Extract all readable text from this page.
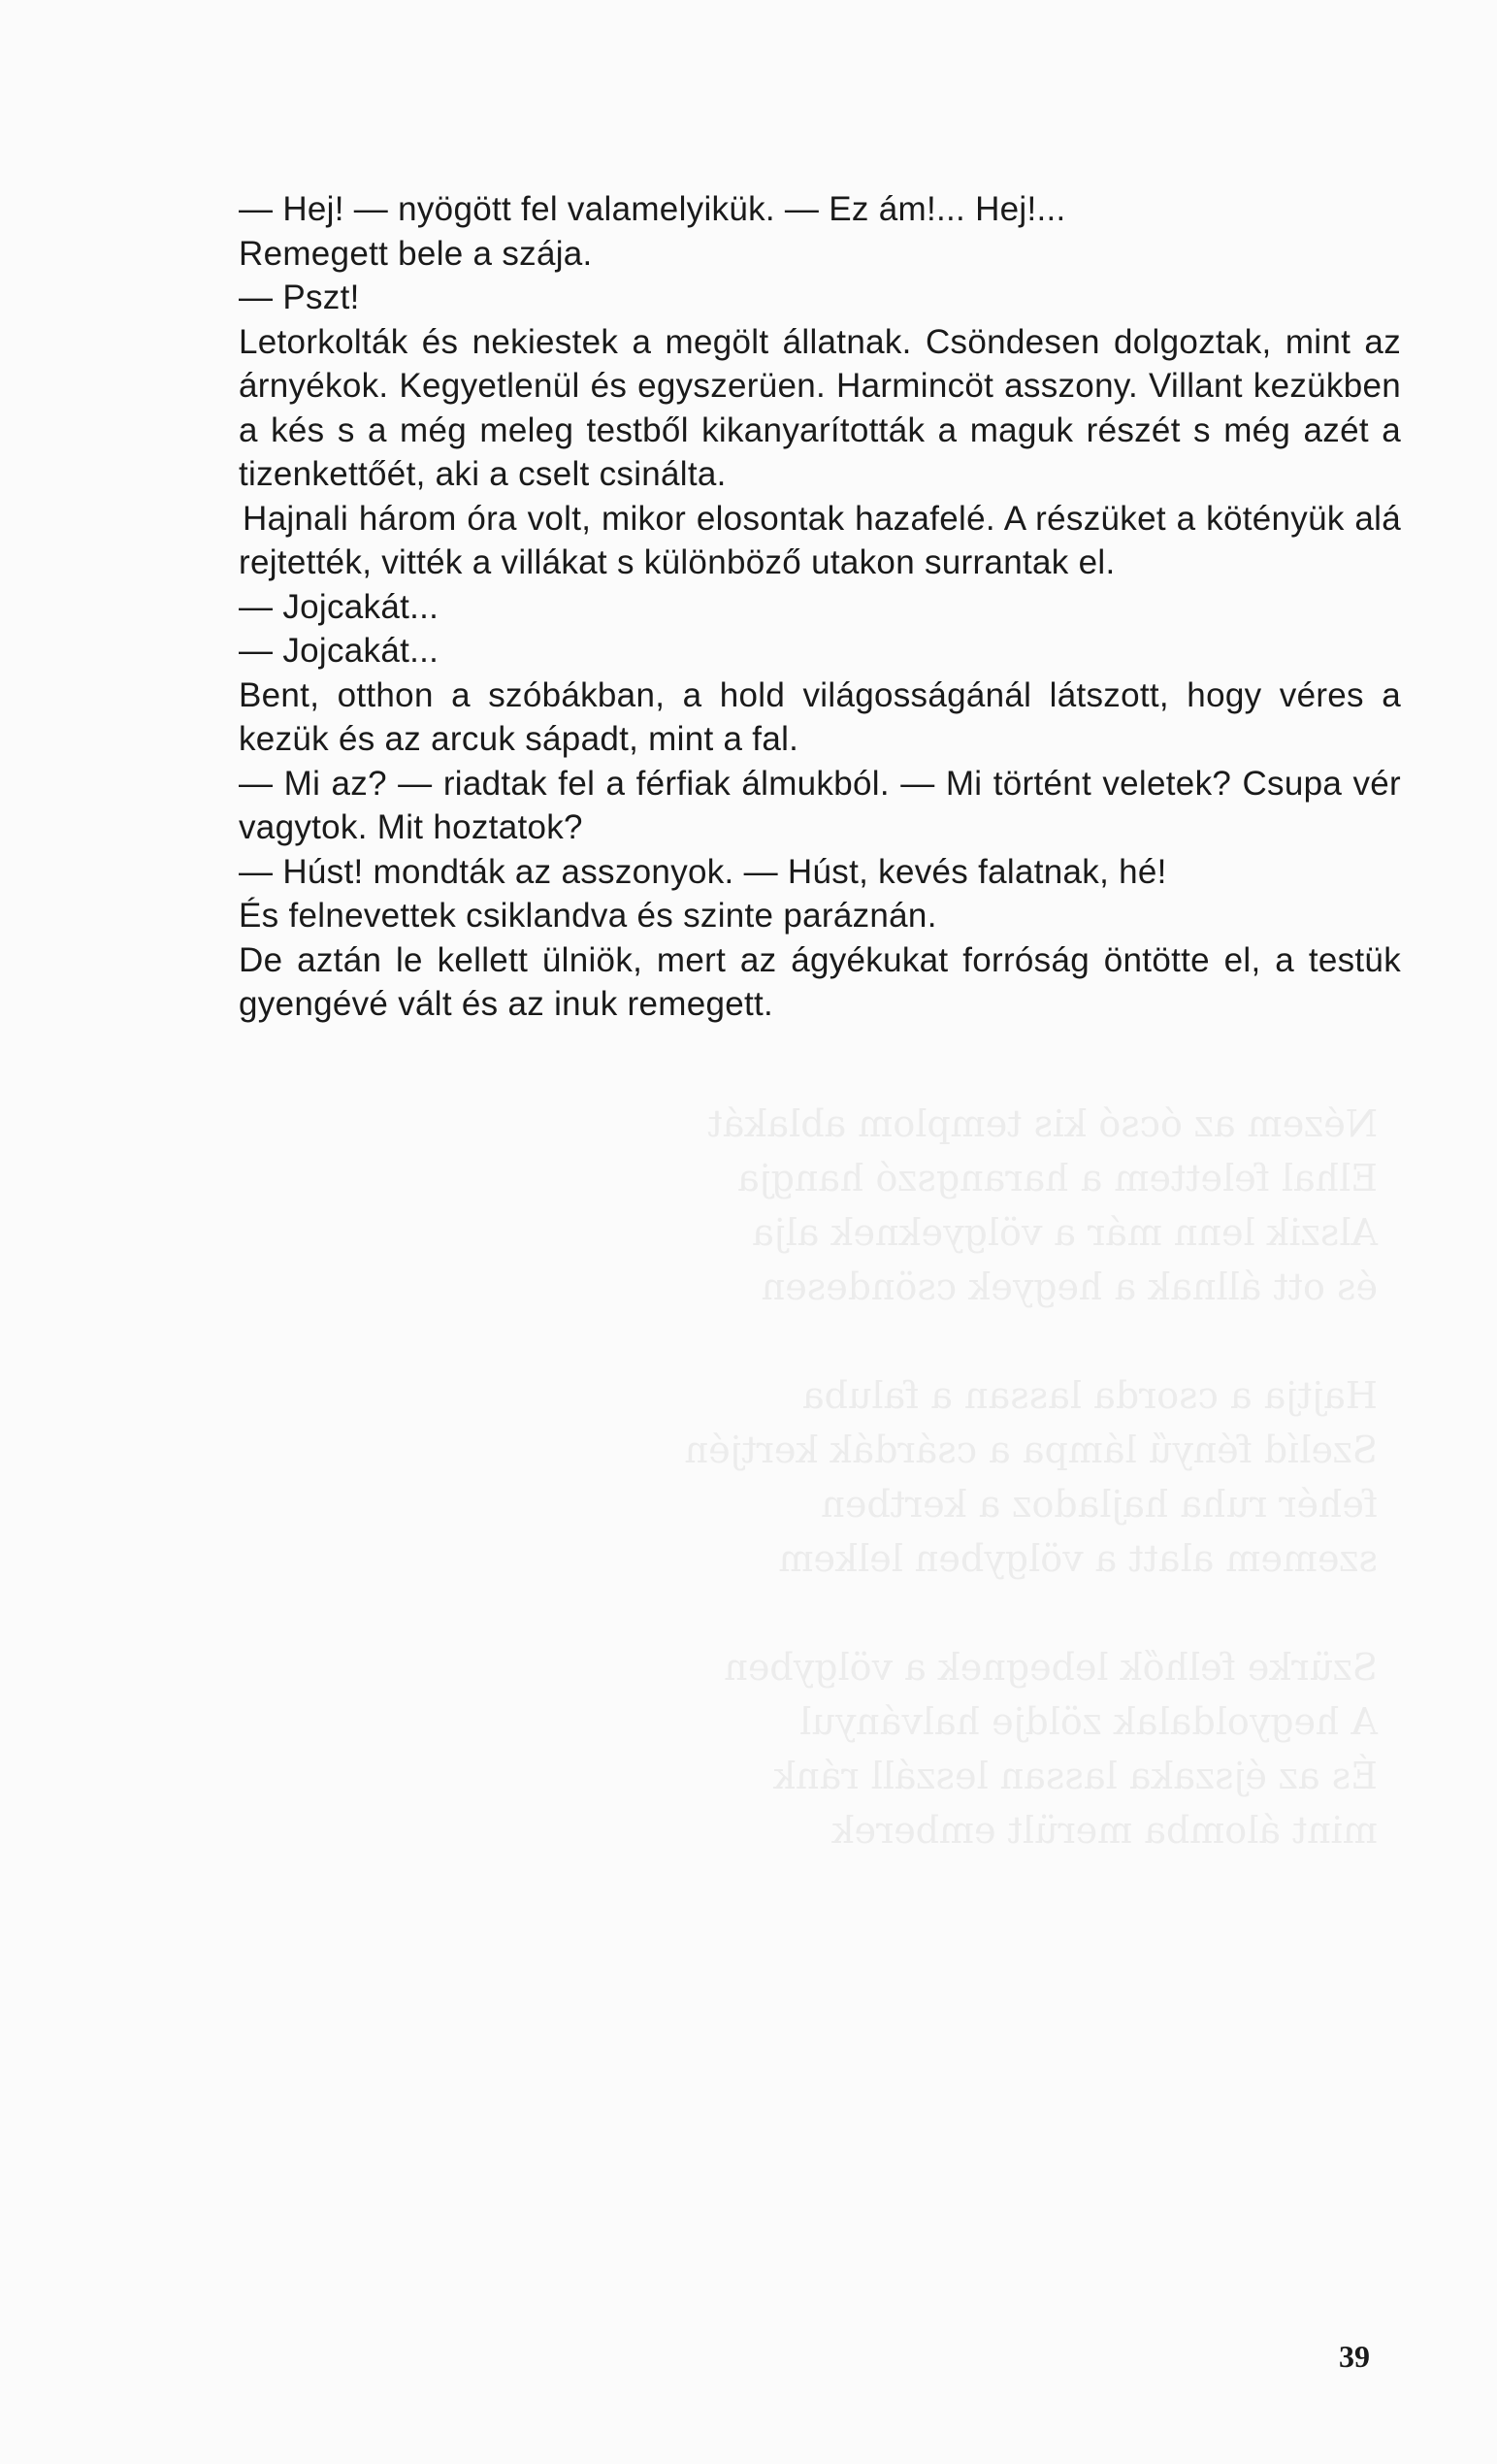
Nézem az ócsó kis templom ablakát
Elhal felettem a harangszó hangja
Alszik lenn már a völgyeknek alja
és ott állnak a hegyek csöndesen

Hajtja a csorda lassan a faluba
Szelíd fényű lámpa a csárdák kertjén
fehér ruha hajladoz a kertben
szemem alatt a völgyben lelkem

Szürke felhők lebegnek a völgyben
A hegyoldalak zöldje halványul
És az éjszaka lassan leszáll ránk
mint álomba merült emberek

— Hej! — nyögött fel valamelyikük. — Ez ám!... Hej!...

Remegett bele a szája.

— Pszt!

Letorkolták és nekiestek a megölt állatnak. Csöndesen dolgoztak, mint az árnyékok. Kegyetlenül és egyszerüen. Harmincöt asszony. Villant kezükben a kés s a még meleg testből kikanyarították a maguk részét s még azét a tizenkettőét, aki a cselt csinálta.

Hajnali három óra volt, mikor elosontak hazafelé. A részüket a kötényük alá rejtették, vitték a villákat s különböző utakon surrantak el.

— Jojcakát...

— Jojcakát...

Bent, otthon a szóbákban, a hold világosságánál látszott, hogy véres a kezük és az arcuk sápadt, mint a fal.

— Mi az? — riadtak fel a férfiak álmukból. — Mi történt veletek? Csupa vér vagytok. Mit hoztatok?

— Húst! mondták az asszonyok. — Húst, kevés falatnak, hé!

És felnevettek csiklandva és szinte paráznán.

De aztán le kellett ülniök, mert az ágyékukat forróság öntötte el, a testük gyengévé vált és az inuk remegett.

39
